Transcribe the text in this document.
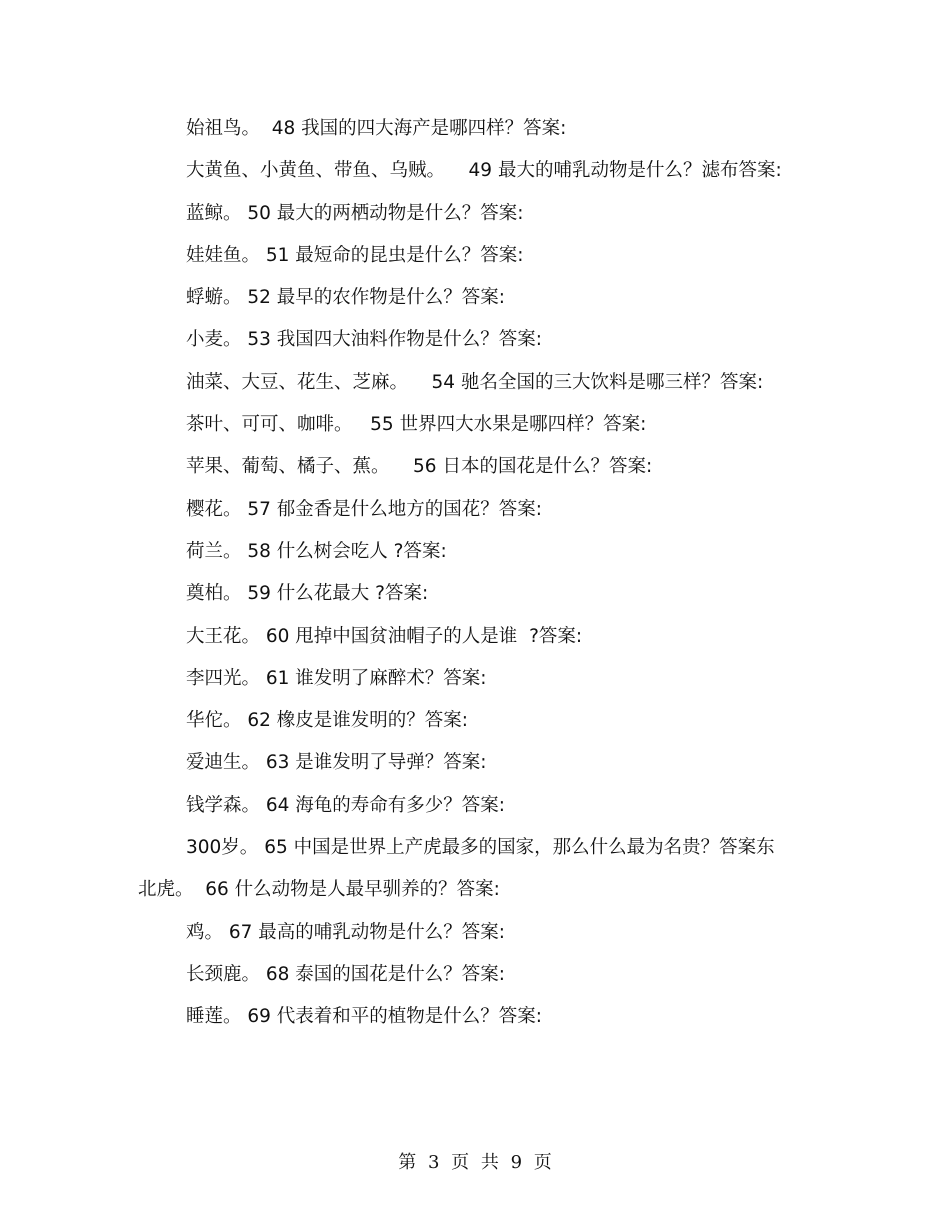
始祖鸟。  48 我国的四大海产是哪四样？答案:

大黄鱼、小黄鱼、带鱼、乌贼。    49 最大的哺乳动物是什么？滤布答案:

蓝鲸。 50 最大的两栖动物是什么？答案:

娃娃鱼。 51 最短命的昆虫是什么？答案:

蜉蝣。 52 最早的农作物是什么？答案:

小麦。 53 我国四大油料作物是什么？答案:

油菜、大豆、花生、芝麻。    54 驰名全国的三大饮料是哪三样？答案:

茶叶、可可、咖啡。   55 世界四大水果是哪四样？答案:

苹果、葡萄、橘子、蕉。    56 日本的国花是什么？答案:

樱花。 57 郁金香是什么地方的国花？答案:

荷兰。 58 什么树会吃人 ?答案:

奠柏。 59 什么花最大 ?答案:

大王花。 60 甩掉中国贫油帽子的人是谁  ?答案:

李四光。 61 谁发明了麻醉术？答案:

华佗。 62 橡皮是谁发明的？答案:

爱迪生。 63 是谁发明了导弹？答案:

钱学森。 64 海龟的寿命有多少？答案:

300岁。 65 中国是世界上产虎最多的国家，那么什么最为名贵？答案东北虎。  66 什么动物是人最早驯养的？答案:

鸡。 67 最高的哺乳动物是什么？答案:

长颈鹿。 68 泰国的国花是什么？答案:

睡莲。 69 代表着和平的植物是什么？答案:

第 3 页 共 9 页
